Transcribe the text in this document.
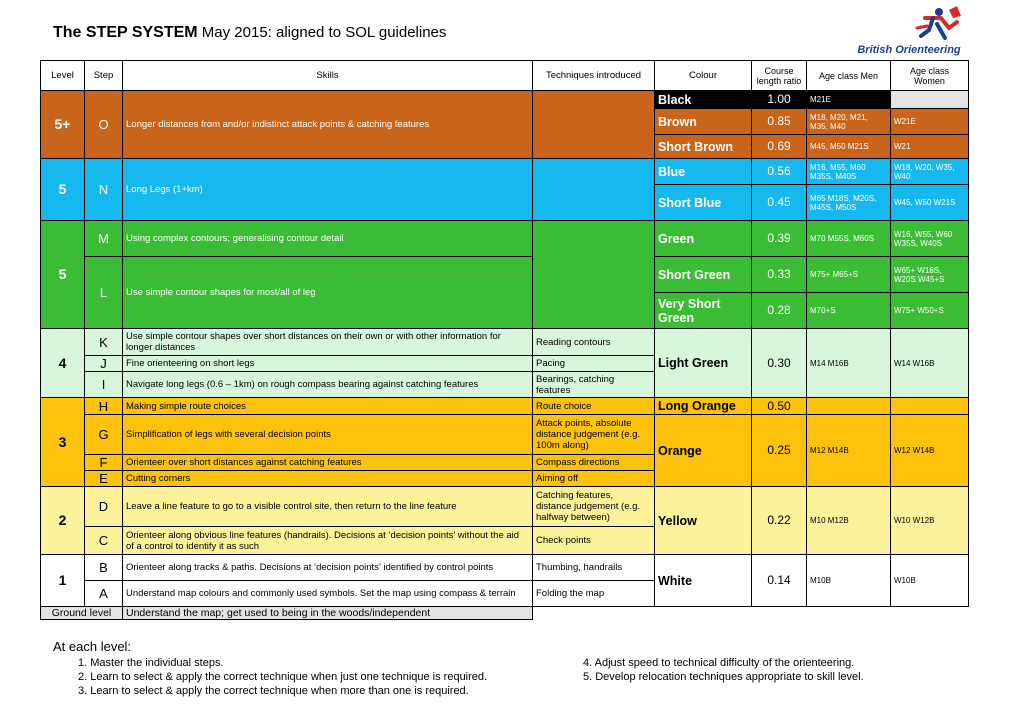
The STEP SYSTEM May 2015: aligned to SOL guidelines
British Orienteering
Level	Step	Skills	Techniques introduced	Colour	Course length ratio	Age class Men	Age class Women
5+	O	Longer distances from and/or indistinct attack points & catching features		Black	1.00	M21E	
				Brown	0.85	M18, M20, M21, M35, M40	W21E
				Short Brown	0.69	M45, M50 M21S	W21
5	N	Long Legs (1+km)		Blue	0.56	M16, M55, M60 M35S, M40S	W18, W20, W35, W40
				Short Blue	0.45	M65 M18S, M20S, M45S, M50S	W45, W50 W21S
5	M	Using complex contours; generalising contour detail		Green	0.39	M70 M55S, M60S	W16, W55, W60 W35S, W40S
	L	Use simple contour shapes for most/all of leg		Short Green	0.33	M75+ M65+S	W65+ W18S, W20S W45+S
				Very Short Green	0.28	M70+S	W75+ W50+S
4	K	Use simple contour shapes over short distances on their own or with other information for longer distances	Reading contours	Light Green	0.30	M14 M16B	W14 W16B
	J	Fine orienteering on short legs	Pacing				
	I	Navigate long legs (0.6 – 1km) on rough compass bearing against catching features	Bearings, catching features				
3	H	Making simple route choices	Route choice	Long Orange	0.50		
	G	Simplification of legs with several decision points	Attack points, absolute distance judgement (e.g. 100m along)	Orange	0.25	M12 M14B	W12 W14B
	F	Orienteer over short distances against catching features	Compass directions				
	E	Cutting corners	Aiming off				
2	D	Leave a line feature to go to a visible control site, then return to the line feature	Catching features, distance judgement (e.g. halfway between)	Yellow	0.22	M10 M12B	W10 W12B
	C	Orienteer along obvious line features (handrails). Decisions at ‘decision points’ without the aid of a control to identify it as such	Check points				
1	B	Orienteer along tracks & paths. Decisions at ‘decision points’ identified by control points	Thumbing, handrails	White	0.14	M10B	W10B
	A	Understand map colours and commonly used symbols. Set the map using compass & terrain	Folding the map				
Ground level		Understand the map; get used to being in the woods/independent					
At each level:
1. Master the individual steps.
2. Learn to select & apply the correct technique when just one technique is required.
3. Learn to select & apply the correct technique when more than one is required.
4. Adjust speed to technical difficulty of the orienteering.
5. Develop relocation techniques appropriate to skill level.
